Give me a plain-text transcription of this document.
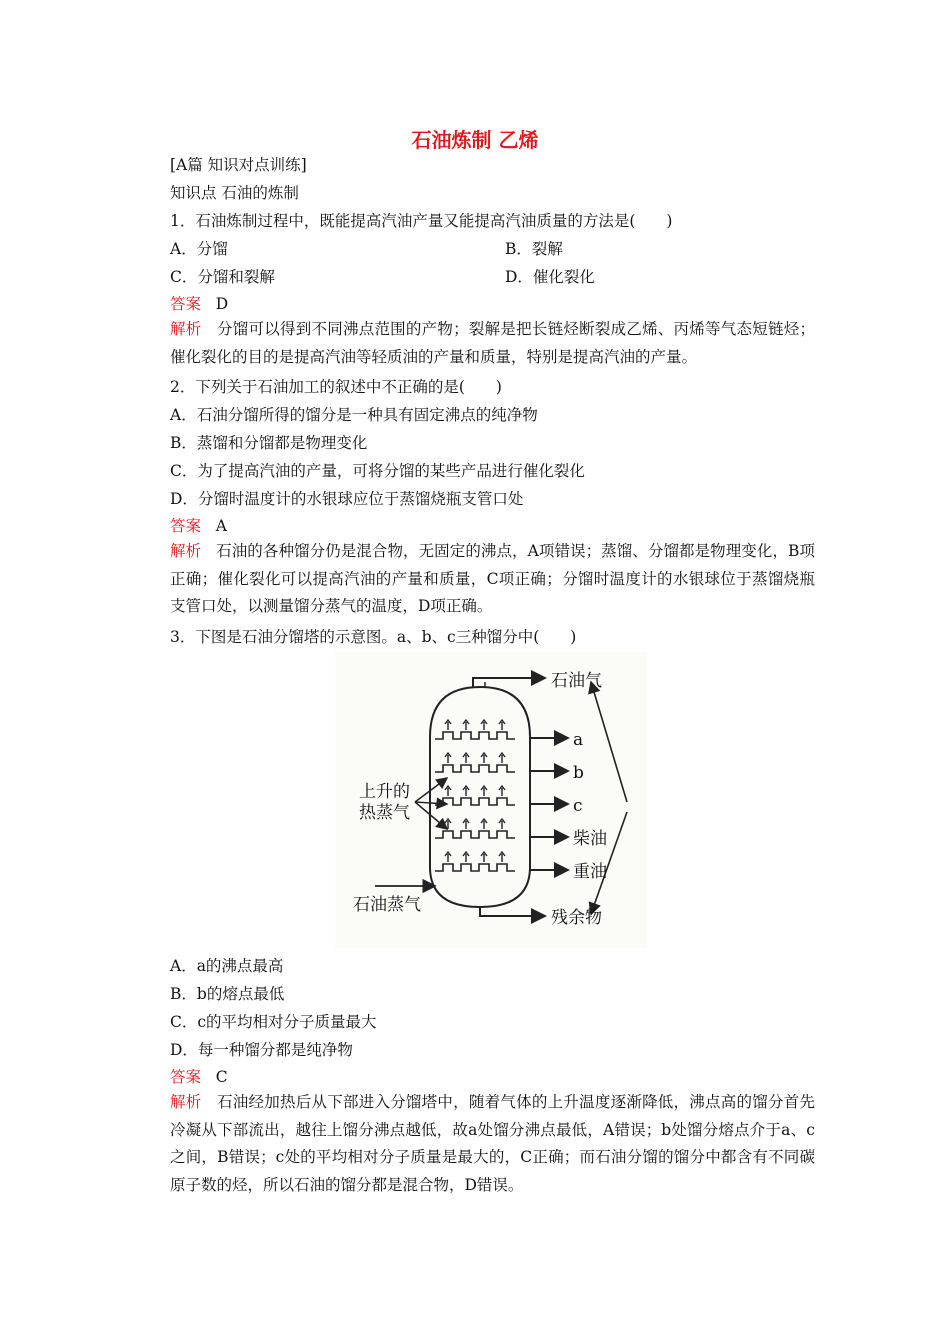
石油炼制 乙烯
[A篇 知识对点训练]
知识点 石油的炼制
1．石油炼制过程中，既能提高汽油产量又能提高汽油质量的方法是(　　)
A．分馏	B．裂解
C．分馏和裂解	D．催化裂化
答案 D
解析 分馏可以得到不同沸点范围的产物；裂解是把长链烃断裂成乙烯、丙烯等气态短链烃；催化裂化的目的是提高汽油等轻质油的产量和质量，特别是提高汽油的产量。
2．下列关于石油加工的叙述中不正确的是(　　)
A．石油分馏所得的馏分是一种具有固定沸点的纯净物
B．蒸馏和分馏都是物理变化
C．为了提高汽油的产量，可将分馏的某些产品进行催化裂化
D．分馏时温度计的水银球应位于蒸馏烧瓶支管口处
答案 A
解析 石油的各种馏分仍是混合物，无固定的沸点，A项错误；蒸馏、分馏都是物理变化，B项正确；催化裂化可以提高汽油的产量和质量，C项正确；分馏时温度计的水银球位于蒸馏烧瓶支管口处，以测量馏分蒸气的温度，D项正确。
3．下图是石油分馏塔的示意图。a、b、c三种馏分中(　　)
石油气
a
b
c
柴油
重油
残余物
上升的
热蒸气
石油蒸气
A．a的沸点最高
B．b的熔点最低
C．c的平均相对分子质量最大
D．每一种馏分都是纯净物
答案 C
解析 石油经加热后从下部进入分馏塔中，随着气体的上升温度逐渐降低，沸点高的馏分首先冷凝从下部流出，越往上馏分沸点越低，故a处馏分沸点最低，A错误；b处馏分熔点介于a、c之间，B错误；c处的平均相对分子质量是最大的，C正确；而石油分馏的馏分中都含有不同碳原子数的烃，所以石油的馏分都是混合物，D错误。
